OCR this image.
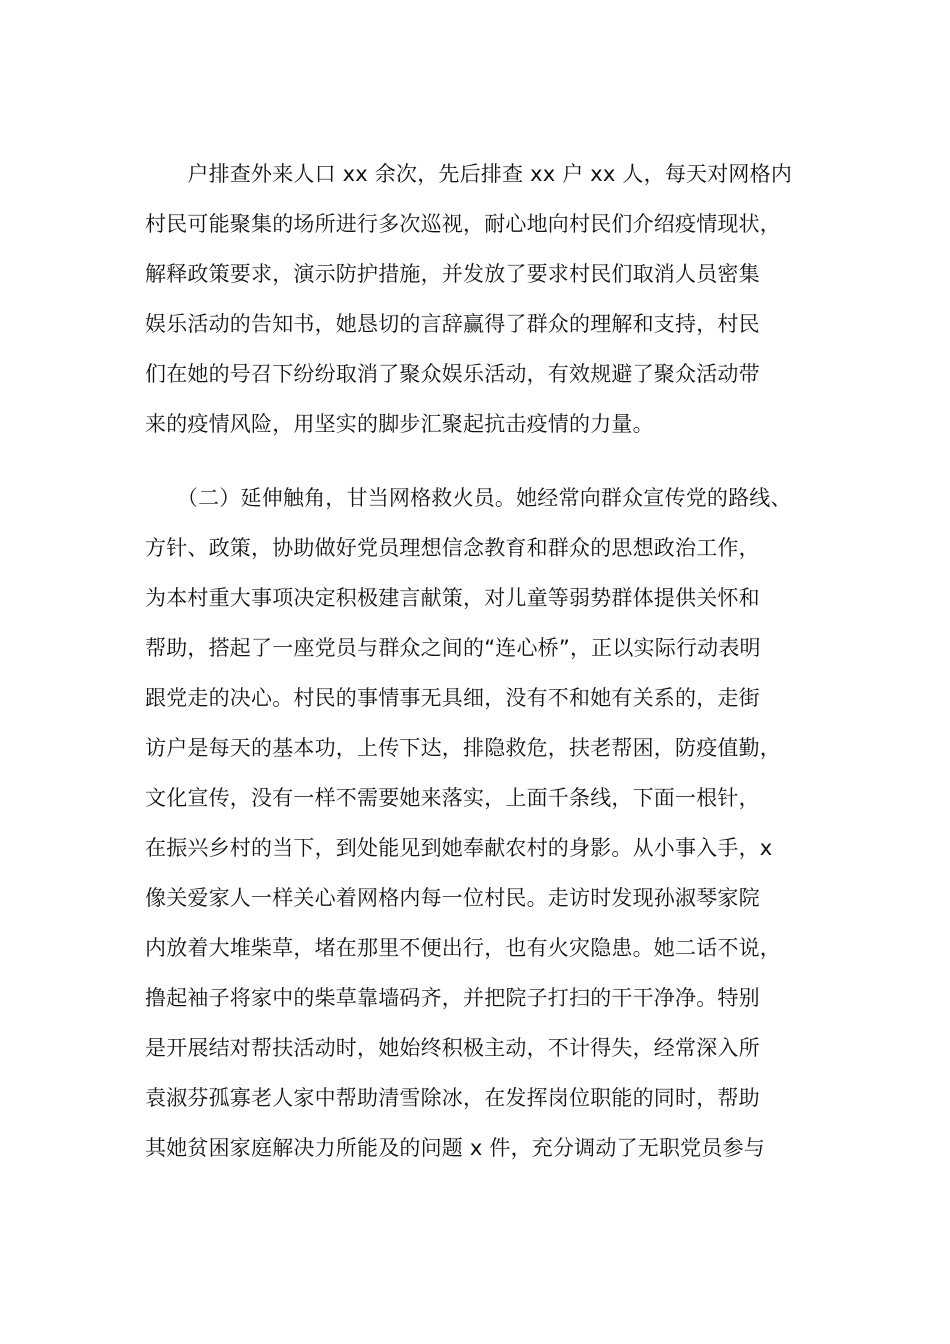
　　户排查外来人口 xx 余次，先后排查 xx 户 xx 人，每天对网格内
村民可能聚集的场所进行多次巡视，耐心地向村民们介绍疫情现状，
解释政策要求，演示防护措施，并发放了要求村民们取消人员密集
娱乐活动的告知书，她恳切的言辞赢得了群众的理解和支持，村民
们在她的号召下纷纷取消了聚众娱乐活动，有效规避了聚众活动带
来的疫情风险，用坚实的脚步汇聚起抗击疫情的力量。

　　（二）延伸触角，甘当网格救火员。她经常向群众宣传党的路线、
方针、政策，协助做好党员理想信念教育和群众的思想政治工作，
为本村重大事项决定积极建言献策，对儿童等弱势群体提供关怀和
帮助，搭起了一座党员与群众之间的“连心桥”，正以实际行动表明
跟党走的决心。村民的事情事无具细，没有不和她有关系的，走街
访户是每天的基本功，上传下达，排隐救危，扶老帮困，防疫值勤，
文化宣传，没有一样不需要她来落实，上面千条线，下面一根针，
在振兴乡村的当下，到处能见到她奉献农村的身影。从小事入手，x
像关爱家人一样关心着网格内每一位村民。走访时发现孙淑琴家院
内放着大堆柴草，堵在那里不便出行，也有火灾隐患。她二话不说，
撸起袖子将家中的柴草靠墙码齐，并把院子打扫的干干净净。特别
是开展结对帮扶活动时，她始终积极主动，不计得失，经常深入所
袁淑芬孤寡老人家中帮助清雪除冰，在发挥岗位职能的同时，帮助
其她贫困家庭解决力所能及的问题 x 件，充分调动了无职党员参与
